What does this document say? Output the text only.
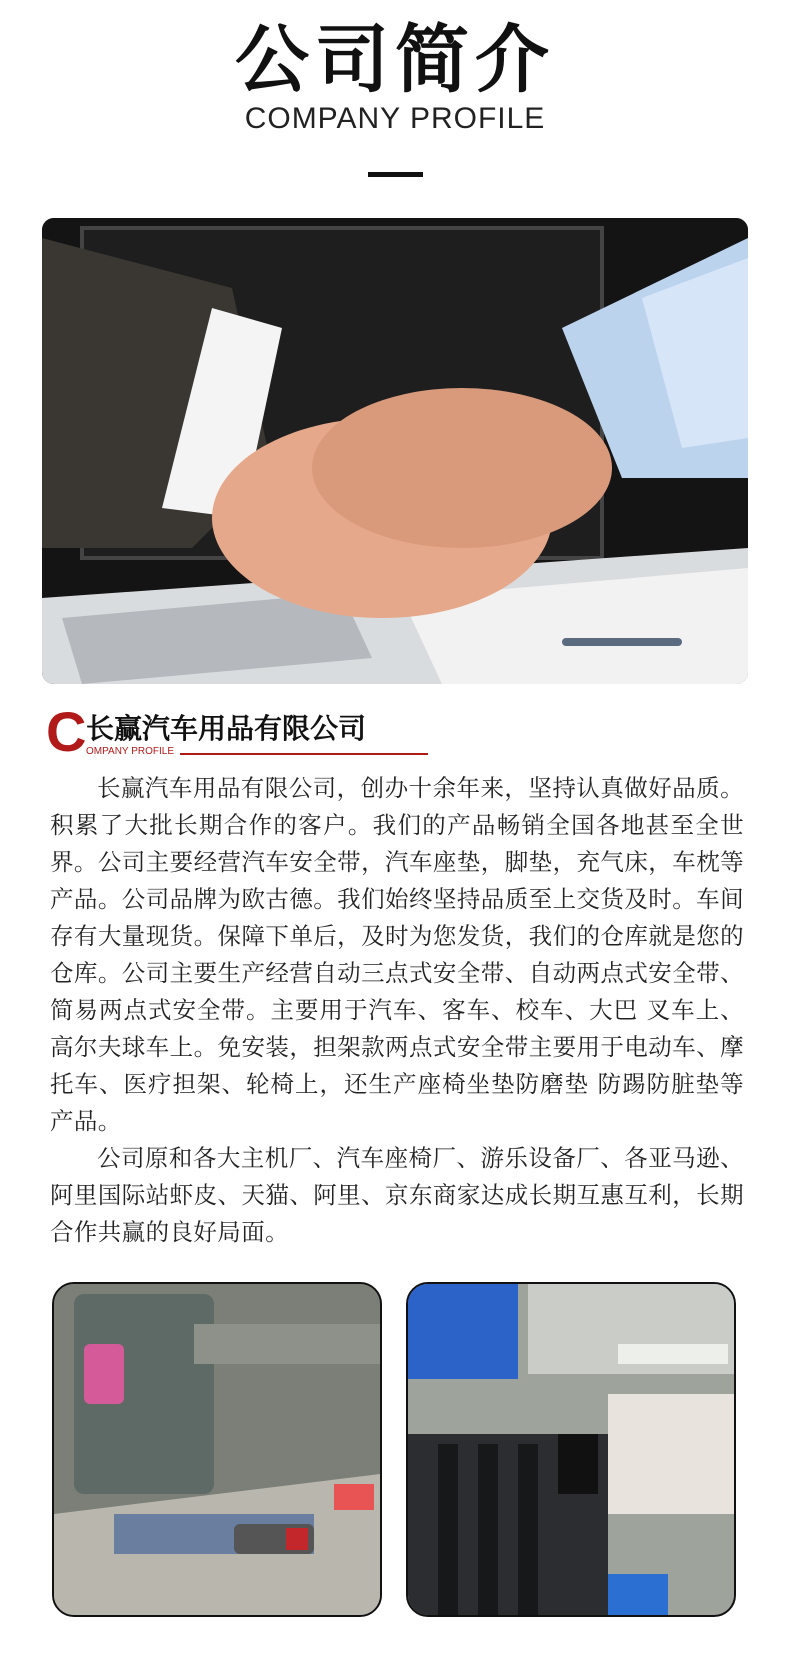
公司简介
COMPANY PROFILE
C 长赢汽车用品有限公司
OMPANY PROFILE

长赢汽车用品有限公司，创办十余年来，坚持认真做好品质。积累了大批长期合作的客户。我们的产品畅销全国各地甚至全世界。公司主要经营汽车安全带，汽车座垫，脚垫，充气床，车枕等产品。公司品牌为欧古德。我们始终坚持品质至上交货及时。车间存有大量现货。保障下单后，及时为您发货，我们的仓库就是您的仓库。公司主要生产经营自动三点式安全带、自动两点式安全带、简易两点式安全带。主要用于汽车、客车、校车、大巴 叉车上、高尔夫球车上。免安装，担架款两点式安全带主要用于电动车、摩托车、医疗担架、轮椅上，还生产座椅坐垫防磨垫 防踢防脏垫等产品。

公司原和各大主机厂、汽车座椅厂、游乐设备厂、各亚马逊、阿里国际站虾皮、天猫、阿里、京东商家达成长期互惠互利，长期合作共赢的良好局面。
